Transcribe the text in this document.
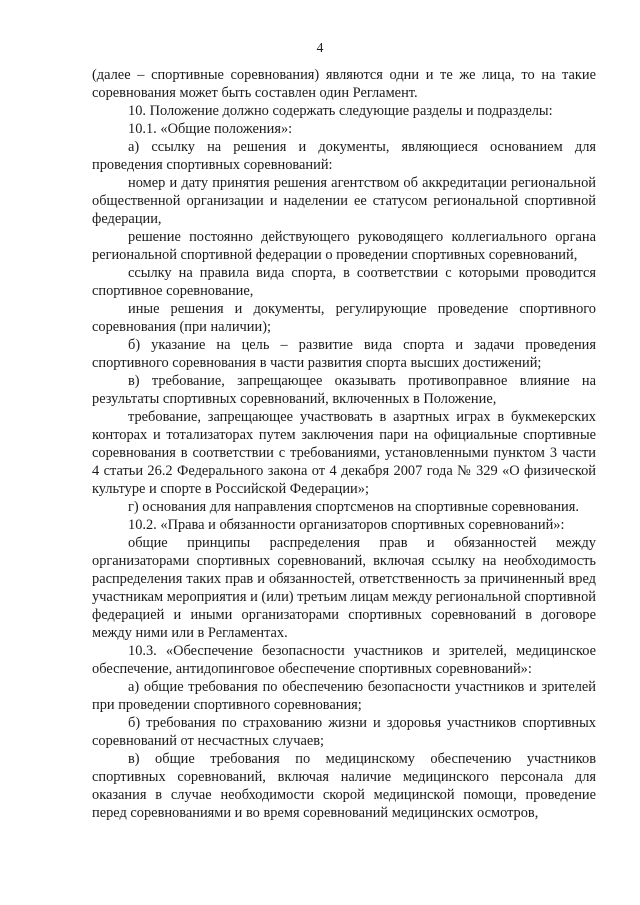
4

(далее – спортивные соревнования) являются одни и те же лица, то на такие соревнования может быть составлен один Регламент.

10. Положение должно содержать следующие разделы и подразделы:

10.1. «Общие положения»:

а) ссылку на решения и документы, являющиеся основанием для проведения спортивных соревнований:

номер и дату принятия решения агентством об аккредитации региональной общественной организации и наделении ее статусом региональной спортивной федерации,

решение постоянно действующего руководящего коллегиального органа региональной спортивной федерации о проведении спортивных соревнований,

ссылку на правила вида спорта, в соответствии с которыми проводится спортивное соревнование,

иные решения и документы, регулирующие проведение спортивного соревнования (при наличии);

б) указание на цель – развитие вида спорта и задачи проведения спортивного соревнования в части развития спорта высших достижений;

в) требование, запрещающее оказывать противоправное влияние на результаты спортивных соревнований, включенных в Положение,

требование, запрещающее участвовать в азартных играх в букмекерских конторах и тотализаторах путем заключения пари на официальные спортивные соревнования в соответствии с требованиями, установленными пунктом 3 части 4 статьи 26.2 Федерального закона от 4 декабря 2007 года № 329 «О физической культуре и спорте в Российской Федерации»;

г) основания для направления спортсменов на спортивные соревнования.

10.2. «Права и обязанности организаторов спортивных соревнований»:

общие принципы распределения прав и обязанностей между организаторами спортивных соревнований, включая ссылку на необходимость распределения таких прав и обязанностей, ответственность за причиненный вред участникам мероприятия и (или) третьим лицам между региональной спортивной федерацией и иными организаторами спортивных соревнований в договоре между ними или в Регламентах.

10.3. «Обеспечение безопасности участников и зрителей, медицинское обеспечение, антидопинговое обеспечение спортивных соревнований»:

а) общие требования по обеспечению безопасности участников и зрителей при проведении спортивного соревнования;

б) требования по страхованию жизни и здоровья участников спортивных соревнований от несчастных случаев;

в) общие требования по медицинскому обеспечению участников спортивных соревнований, включая наличие медицинского персонала для оказания в случае необходимости скорой медицинской помощи, проведение перед соревнованиями и во время соревнований медицинских осмотров,
